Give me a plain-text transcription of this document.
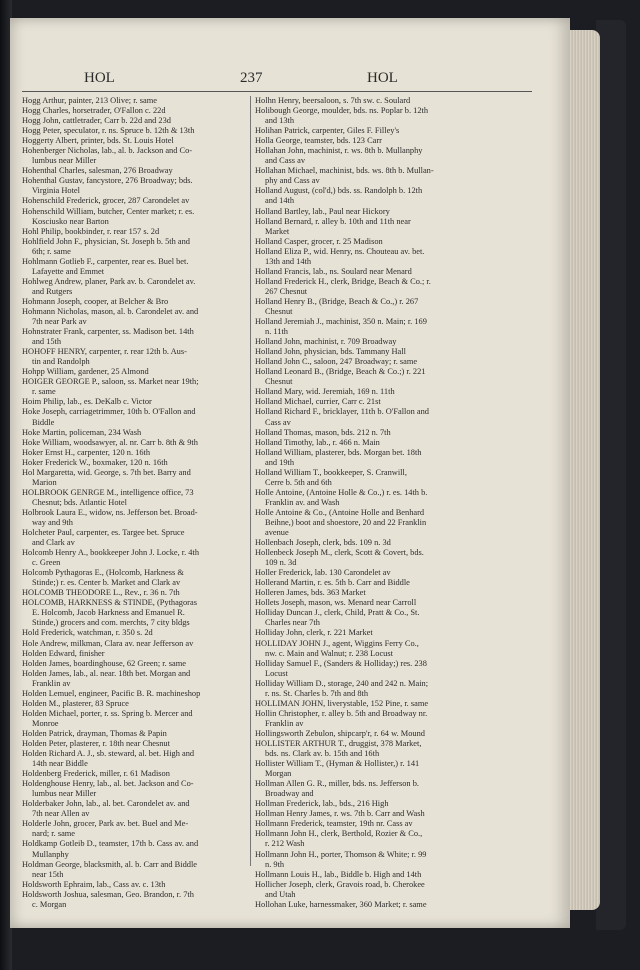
HOL	237	HOL
Hogg Arthur, painter, 213 Olive; r. same
Hogg Charles, horsetrader, O'Fallon c. 22d
Hogg John, cattletrader, Carr b. 22d and 23d
Hogg Peter, speculator, r. ns. Spruce b. 12th & 13th
Hoggerty Albert, printer, bds. St. Louis Hotel
Hohenberger Nicholas, lab., al. b. Jackson and Co-
lumbus near Miller
Hohenthal Charles, salesman, 276 Broadway
Hohenthal Gustav, fancystore, 276 Broadway; bds.
Virginia Hotel
Hohenschild Frederick, grocer, 287 Carondelet av
Hohenschild William, butcher, Center market; r. es.
Kosciusko near Barton
Hohl Philip, bookbinder, r. rear 157 s. 2d
Hohlfield John F., physician, St. Joseph b. 5th and
6th; r. same
Hohlmann Gotlieb F., carpenter, rear es. Buel bet.
Lafayette and Emmet
Hohlweg Andrew, planer, Park av. b. Carondelet av.
and Rutgers
Hohmann Joseph, cooper, at Belcher & Bro
Hohmann Nicholas, mason, al. b. Carondelet av. and
7th near Park av
Hohnstrater Frank, carpenter, ss. Madison bet. 14th
and 15th
HOHOFF HENRY, carpenter, r. rear 12th b. Aus-
tin and Randolph
Hohpp William, gardener, 25 Almond
HOIGER GEORGE P., saloon, ss. Market near 19th;
r. same
Hoim Philip, lab., es. DeKalb c. Victor
Hoke Joseph, carriagetrimmer, 10th b. O'Fallon and
Biddle
Hoke Martin, policeman, 234 Wash
Hoke William, woodsawyer, al. nr. Carr b. 8th & 9th
Hoker Ernst H., carpenter, 120 n. 16th
Hoker Frederick W., boxmaker, 120 n. 16th
Hol Margaretta, wid. George, s. 7th bet. Barry and
Marion
HOLBROOK GENRGE M., intelligence office, 73
Chesnut; bds. Atlantic Hotel
Holbrook Laura E., widow, ns. Jefferson bet. Broad-
way and 9th
Holcheter Paul, carpenter, es. Targee bet. Spruce
and Clark av
Holcomb Henry A., bookkeeper John J. Locke, r. 4th
c. Green
Holcomb Pythagoras E., (Holcomb, Harkness &
Stinde;) r. es. Center b. Market and Clark av
HOLCOMB THEODORE L., Rev., r. 36 n. 7th
HOLCOMB, HARKNESS & STINDE, (Pythagoras
E. Holcomb, Jacob Harkness and Emanuel R.
Stinde,) grocers and com. merchts, 7 city bldgs
Hold Frederick, watchman, r. 350 s. 2d
Hole Andrew, milkman, Clara av. near Jefferson av
Holden Edward, finisher
Holden James, boardinghouse, 62 Green; r. same
Holden James, lab., al. near. 18th bet. Morgan and
Franklin av
Holden Lemuel, engineer, Pacific B. R. machineshop
Holden M., plasterer, 83 Spruce
Holden Michael, porter, r. ss. Spring b. Mercer and
Monroe
Holden Patrick, drayman, Thomas & Papin
Holden Peter, plasterer, r. 18th near Chesnut
Holden Richard A. J., sb. steward, al. bet. High and
14th near Biddle
Holdenberg Frederick, miller, r. 61 Madison
Holdenghouse Henry, lab., al. bet. Jackson and Co-
lumbus near Miller
Holderbaker John, lab., al. bet. Carondelet av. and
7th near Allen av
Holderle John, grocer, Park av. bet. Buel and Me-
nard; r. same
Holdkamp Gotleib D., teamster, 17th b. Cass av. and
Mullanphy
Holdman George, blacksmith, al. b. Carr and Biddle
near 15th
Holdsworth Ephraim, lab., Cass av. c. 13th
Holdsworth Joshua, salesman, Geo. Brandon, r. 7th
c. Morgan
Holhn Henry, beersaloon, s. 7th sw. c. Soulard
Holibough George, moulder, bds. ns. Poplar b. 12th
and 13th
Holihan Patrick, carpenter, Giles F. Filley's
Holla George, teamster, bds. 123 Carr
Hollahan John, machinist, r. ws. 8th b. Mullanphy
and Cass av
Hollahan Michael, machinist, bds. ws. 8th b. Mullan-
phy and Cass av
Holland August, (col'd,) bds. ss. Randolph b. 12th
and 14th
Holland Bartley, lab., Paul near Hickory
Holland Bernard, r. alley b. 10th and 11th near
Market
Holland Casper, grocer, r. 25 Madison
Holland Eliza P., wid. Henry, ns. Chouteau av. bet.
13th and 14th
Holland Francis, lab., ns. Soulard near Menard
Holland Frederick H., clerk, Bridge, Beach & Co.; r.
267 Chesnut
Holland Henry B., (Bridge, Beach & Co.,) r. 267
Chesnut
Holland Jeremiah J., machinist, 350 n. Main; r. 169
n. 11th
Holland John, machinist, r. 709 Broadway
Holland John, physician, bds. Tammany Hall
Holland John C., saloon, 247 Broadway; r. same
Holland Leonard B., (Bridge, Beach & Co.;) r. 221
Chesnut
Holland Mary, wid. Jeremiah, 169 n. 11th
Holland Michael, currier, Carr c. 21st
Holland Richard F., bricklayer, 11th b. O'Fallon and
Cass av
Holland Thomas, mason, bds. 212 n. 7th
Holland Timothy, lab., r. 466 n. Main
Holland William, plasterer, bds. Morgan bet. 18th
and 19th
Holland William T., bookkeeper, S. Cranwill,
Cerre b. 5th and 6th
Holle Antoine, (Antoine Holle & Co.,) r. es. 14th b.
Franklin av. and Wash
Holle Antoine & Co., (Antoine Holle and Benhard
Beihne,) boot and shoestore, 20 and 22 Franklin
avenue
Hollenbach Joseph, clerk, bds. 109 n. 3d
Hollenbeck Joseph M., clerk, Scott & Covert, bds.
109 n. 3d
Holler Frederick, lab. 130 Carondelet av
Hollerand Martin, r. es. 5th b. Carr and Biddle
Holleren James, bds. 363 Market
Hollets Joseph, mason, ws. Menard near Carroll
Holliday Duncan J., clerk, Child, Pratt & Co., St.
Charles near 7th
Holliday John, clerk, r. 221 Market
HOLLIDAY JOHN J., agent, Wiggins Ferry Co.,
nw. c. Main and Walnut; r. 238 Locust
Holliday Samuel F., (Sanders & Holliday;) res. 238
Locust
Holliday William D., storage, 240 and 242 n. Main;
r. ns. St. Charles b. 7th and 8th
HOLLIMAN JOHN, liverystable, 152 Pine, r. same
Hollin Christopher, r. alley b. 5th and Broadway nr.
Franklin av
Hollingsworth Zebulon, shipcarp'r, r. 64 w. Mound
HOLLISTER ARTHUR T., druggist, 378 Market,
bds. ns. Clark av. b. 15th and 16th
Hollister William T., (Hyman & Hollister,) r. 141
Morgan
Hollman Allen G. R., miller, bds. ns. Jefferson b.
Broadway and
Hollman Frederick, lab., bds., 216 High
Hollman Henry James, r. ws. 7th b. Carr and Wash
Hollmann Frederick, teamster, 19th nr. Cass av
Hollmann John H., clerk, Berthold, Rozier & Co.,
r. 212 Wash
Hollmann John H., porter, Thomson & White; r. 99
n. 9th
Hollmann Louis H., lab., Biddle b. High and 14th
Hollicher Joseph, clerk, Gravois road, b. Cherokee
and Utah
Hollohan Luke, harnessmaker, 360 Market; r. same
